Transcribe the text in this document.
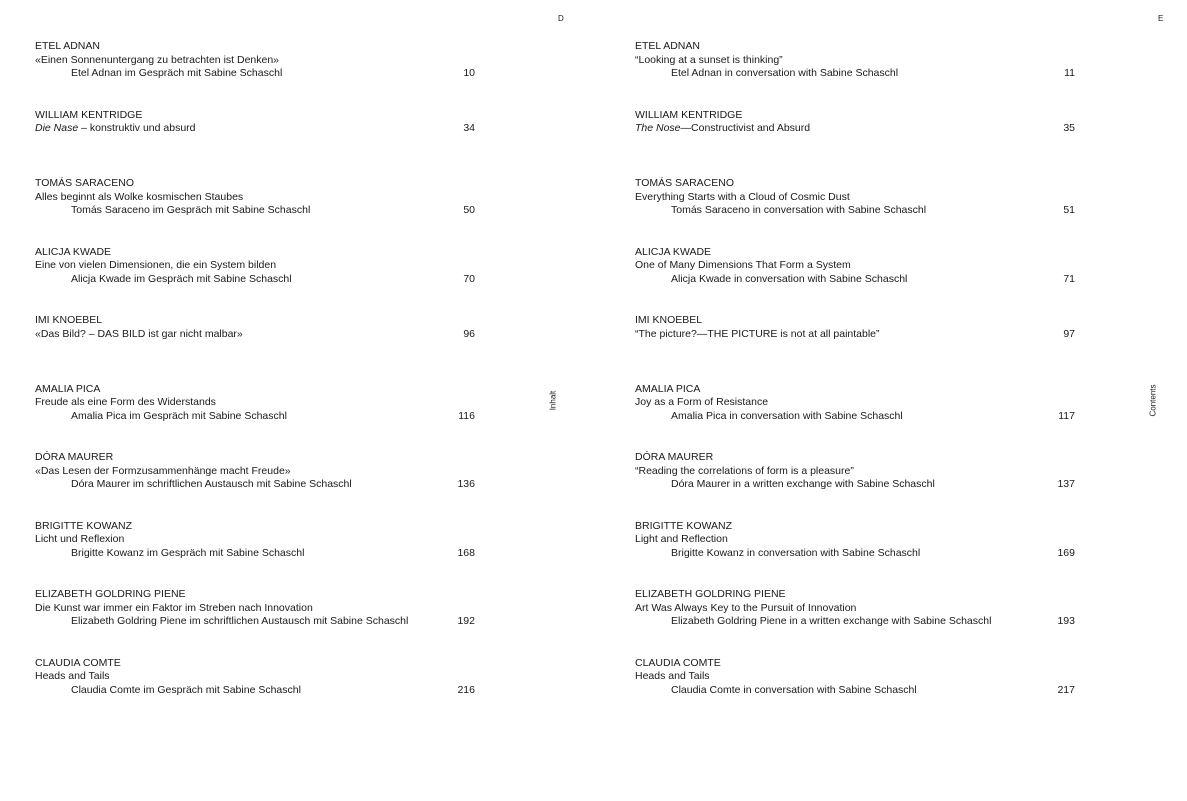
D
Inhalt
ETEL ADNAN
«Einen Sonnenuntergang zu betrachten ist Denken»
Etel Adnan im Gespräch mit Sabine Schaschl	10
WILLIAM KENTRIDGE
Die Nase – konstruktiv und absurd	34
TOMÁS SARACENO
Alles beginnt als Wolke kosmischen Staubes
Tomás Saraceno im Gespräch mit Sabine Schaschl	50
ALICJA KWADE
Eine von vielen Dimensionen, die ein System bilden
Alicja Kwade im Gespräch mit Sabine Schaschl	70
IMI KNOEBEL
«Das Bild? – DAS BILD ist gar nicht malbar»	96
AMALIA PICA
Freude als eine Form des Widerstands
Amalia Pica im Gespräch mit Sabine Schaschl	116
DÓRA MAURER
«Das Lesen der Formzusammenhänge macht Freude»
Dóra Maurer im schriftlichen Austausch mit Sabine Schaschl	136
BRIGITTE KOWANZ
Licht und Reflexion
Brigitte Kowanz im Gespräch mit Sabine Schaschl	168
ELIZABETH GOLDRING PIENE
Die Kunst war immer ein Faktor im Streben nach Innovation
Elizabeth Goldring Piene im schriftlichen Austausch mit Sabine Schaschl	192
CLAUDIA COMTE
Heads and Tails
Claudia Comte im Gespräch mit Sabine Schaschl	216
E
Contents
ETEL ADNAN
“Looking at a sunset is thinking”
Etel Adnan in conversation with Sabine Schaschl	11
WILLIAM KENTRIDGE
The Nose—Constructivist and Absurd	35
TOMÁS SARACENO
Everything Starts with a Cloud of Cosmic Dust
Tomás Saraceno in conversation with Sabine Schaschl	51
ALICJA KWADE
One of Many Dimensions That Form a System
Alicja Kwade in conversation with Sabine Schaschl	71
IMI KNOEBEL
“The picture?—THE PICTURE is not at all paintable”	97
AMALIA PICA
Joy as a Form of Resistance
Amalia Pica in conversation with Sabine Schaschl	117
DÓRA MAURER
“Reading the correlations of form is a pleasure”
Dóra Maurer in a written exchange with Sabine Schaschl	137
BRIGITTE KOWANZ
Light and Reflection
Brigitte Kowanz in conversation with Sabine Schaschl	169
ELIZABETH GOLDRING PIENE
Art Was Always Key to the Pursuit of Innovation
Elizabeth Goldring Piene in a written exchange with Sabine Schaschl	193
CLAUDIA COMTE
Heads and Tails
Claudia Comte in conversation with Sabine Schaschl	217
